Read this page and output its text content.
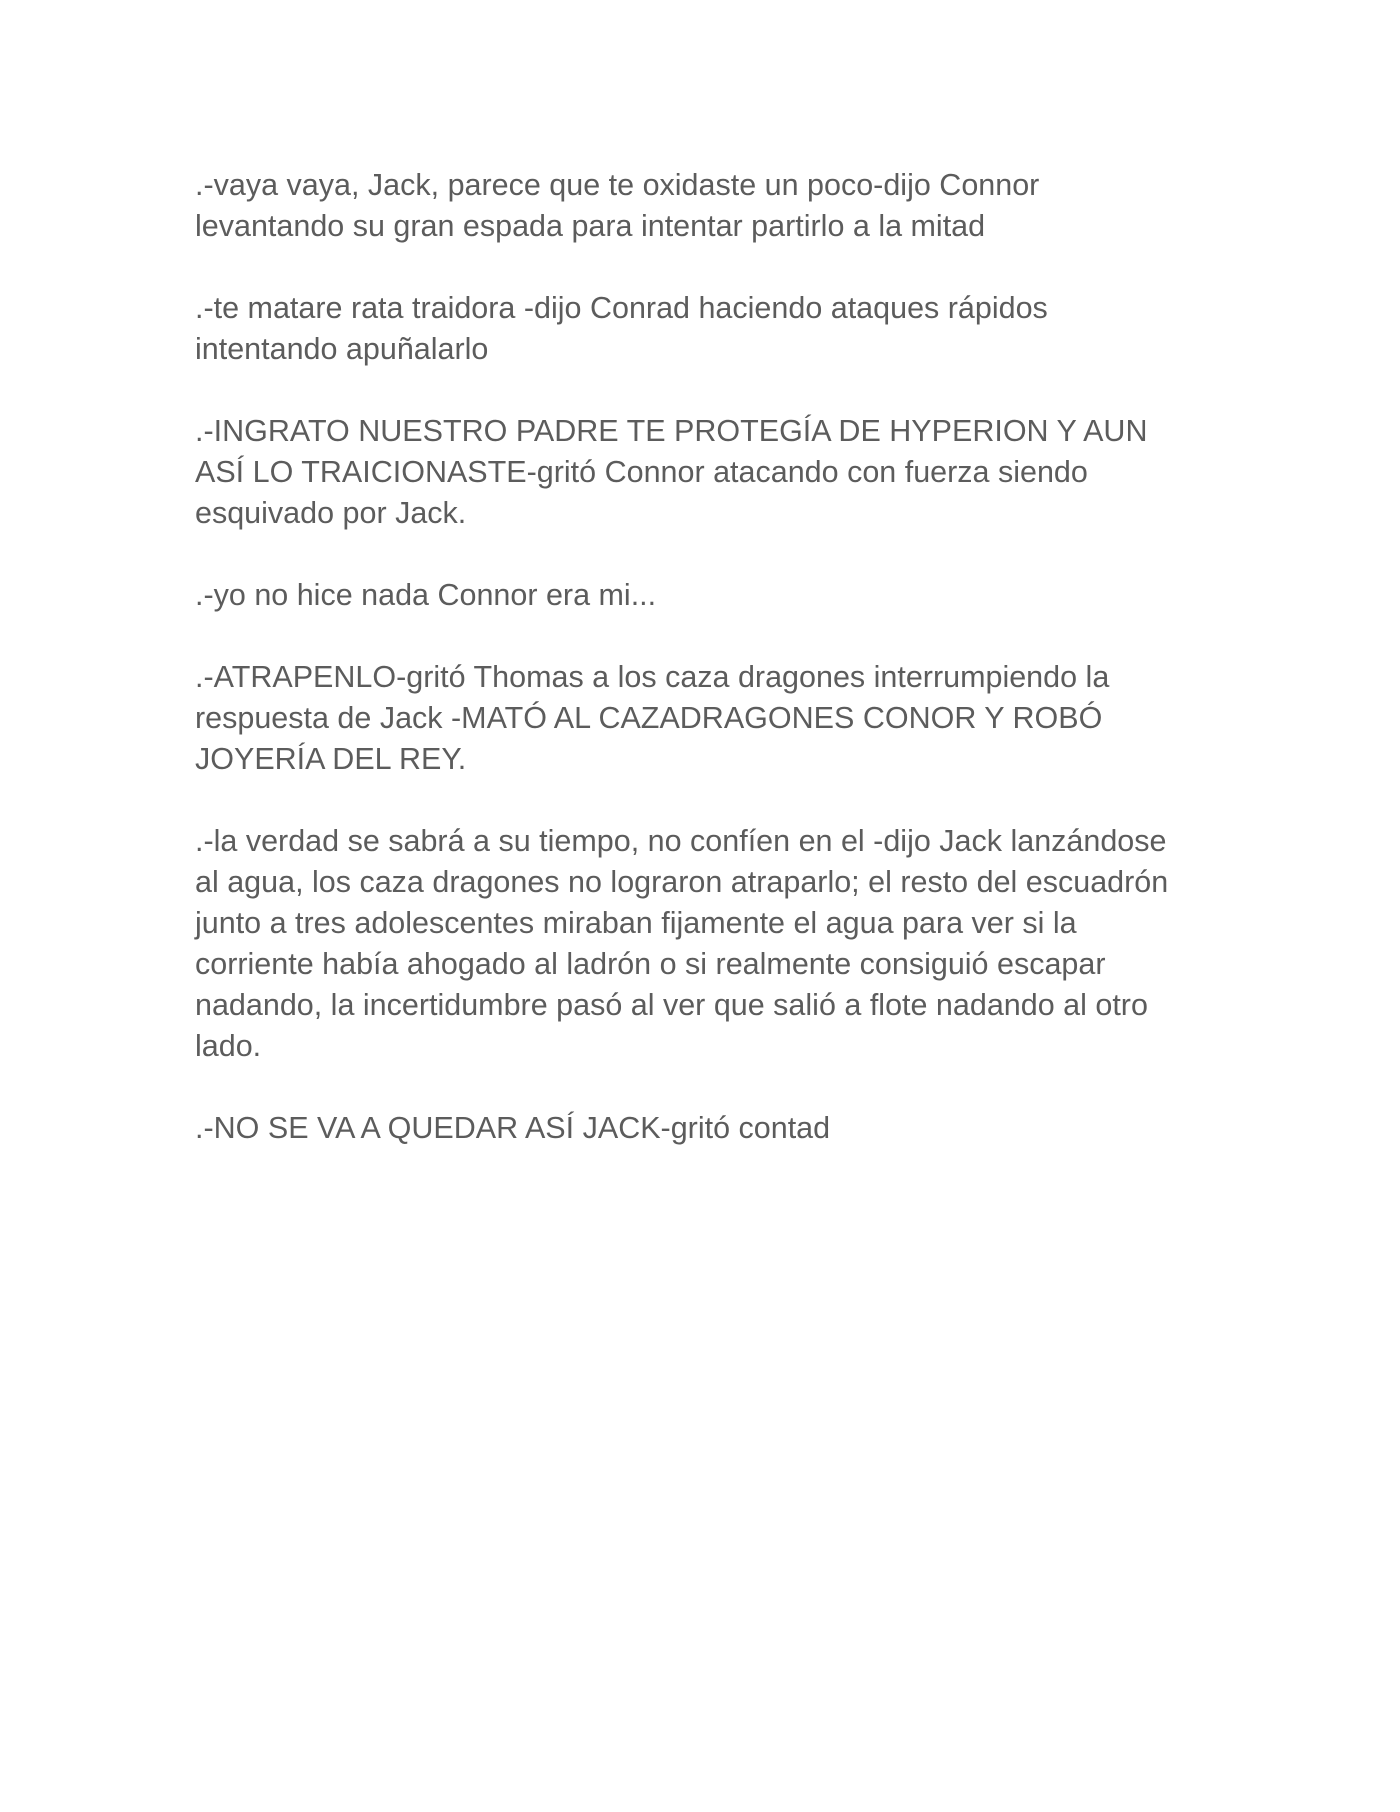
.-vaya vaya, Jack, parece que te oxidaste un poco-dijo Connor
levantando su gran espada para intentar partirlo a la mitad

.-te matare rata traidora -dijo Conrad haciendo ataques rápidos
intentando apuñalarlo

.-INGRATO NUESTRO PADRE TE PROTEGÍA DE HYPERION Y AUN
ASÍ LO TRAICIONASTE-gritó Connor atacando con fuerza siendo
esquivado por Jack.

.-yo no hice nada Connor era mi...

.-ATRAPENLO-gritó Thomas a los caza dragones interrumpiendo la
respuesta de Jack -MATÓ AL CAZADRAGONES CONOR Y ROBÓ
JOYERÍA DEL REY.

.-la verdad se sabrá a su tiempo, no confíen en el -dijo Jack lanzándose
al agua, los caza dragones no lograron atraparlo; el resto del escuadrón
junto a tres adolescentes miraban fijamente el agua para ver si la
corriente había ahogado al ladrón o si realmente consiguió escapar
nadando, la incertidumbre pasó al ver que salió a flote nadando al otro
lado.

.-NO SE VA A QUEDAR ASÍ JACK-gritó contad
